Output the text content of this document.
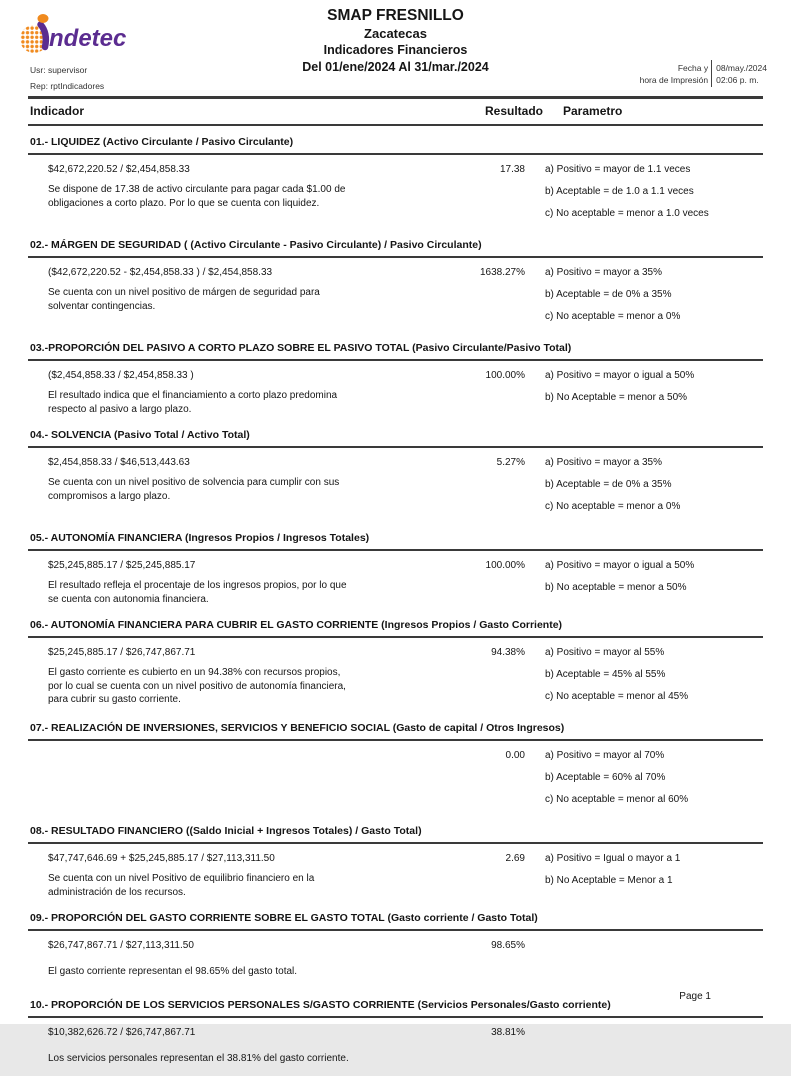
ndetec
SMAP FRESNILLO
Zacatecas
Indicadores Financieros
Del 01/ene/2024 Al 31/mar./2024
Usr: supervisor
Rep: rptIndicadores
Fecha y
hora de Impresión
08/may./2024
02:06 p. m.
Indicador	Resultado Parametro
01.- LIQUIDEZ (Activo Circulante / Pasivo Circulante)
$42,672,220.52 / $2,454,858.33
Se dispone de 17.38 de activo circulante para pagar cada $1.00 de
obligaciones a corto plazo. Por lo que se cuenta con liquidez.
17.38 a) Positivo = mayor de 1.1 veces
b) Aceptable = de 1.0 a 1.1 veces
c) No aceptable = menor a 1.0 veces
02.- MÁRGEN DE SEGURIDAD ( (Activo Circulante - Pasivo Circulante) / Pasivo Circulante)
($42,672,220.52 - $2,454,858.33 ) / $2,454,858.33
Se cuenta con un nivel positivo de márgen de seguridad para
solventar contingencias.
1638.27% a) Positivo = mayor a 35%
b) Aceptable = de 0% a 35%
c) No aceptable = menor a 0%
03.-PROPORCIÓN DEL PASIVO A CORTO PLAZO SOBRE EL PASIVO TOTAL (Pasivo Circulante/Pasivo Total)
($2,454,858.33 / $2,454,858.33 )
El resultado indica que el financiamiento a corto plazo predomina
respecto al pasivo a largo plazo.
100.00% a) Positivo = mayor o igual a 50%
b) No Aceptable = menor a 50%
04.- SOLVENCIA (Pasivo Total / Activo Total)
$2,454,858.33 / $46,513,443.63
Se cuenta con un nivel positivo de solvencia para cumplir con sus
compromisos a largo plazo.
5.27% a) Positivo = mayor a 35%
b) Aceptable = de 0% a 35%
c) No aceptable = menor a 0%
05.- AUTONOMÍA FINANCIERA (Ingresos Propios / Ingresos Totales)
$25,245,885.17 / $25,245,885.17
El resultado refleja el procentaje de los ingresos propios, por lo que
se cuenta con autonomia financiera.
100.00% a) Positivo = mayor o igual a 50%
b) No aceptable = menor a 50%
06.- AUTONOMÍA FINANCIERA PARA CUBRIR EL GASTO CORRIENTE (Ingresos Propios / Gasto Corriente)
$25,245,885.17 / $26,747,867.71
El gasto corriente es cubierto en un 94.38% con recursos propios,
por lo cual se cuenta con un nivel positivo de autonomía financiera,
para cubrir su gasto corriente.
94.38% a) Positivo = mayor al 55%
b) Aceptable = 45% al 55%
c) No aceptable = menor al 45%
07.- REALIZACIÓN DE INVERSIONES, SERVICIOS Y BENEFICIO SOCIAL (Gasto de capital / Otros Ingresos)
0.00 a) Positivo = mayor al 70%
b) Aceptable = 60% al 70%
c) No aceptable = menor al 60%
08.- RESULTADO FINANCIERO ((Saldo Inicial + Ingresos Totales) / Gasto Total)
$47,747,646.69 + $25,245,885.17 / $27,113,311.50
Se cuenta con un nivel Positivo de equilibrio financiero en la
administración de los recursos.
2.69 a) Positivo = Igual o mayor a 1
b) No Aceptable = Menor a 1
09.- PROPORCIÓN DEL GASTO CORRIENTE SOBRE EL GASTO TOTAL (Gasto corriente / Gasto Total)
$26,747,867.71 / $27,113,311.50
El gasto corriente representan el 98.65% del gasto total.
98.65%
10.- PROPORCIÓN DE LOS SERVICIOS PERSONALES S/GASTO CORRIENTE (Servicios Personales/Gasto corriente)
$10,382,626.72 / $26,747,867.71
Los servicios personales representan el 38.81% del gasto corriente.
38.81%
Page 1
